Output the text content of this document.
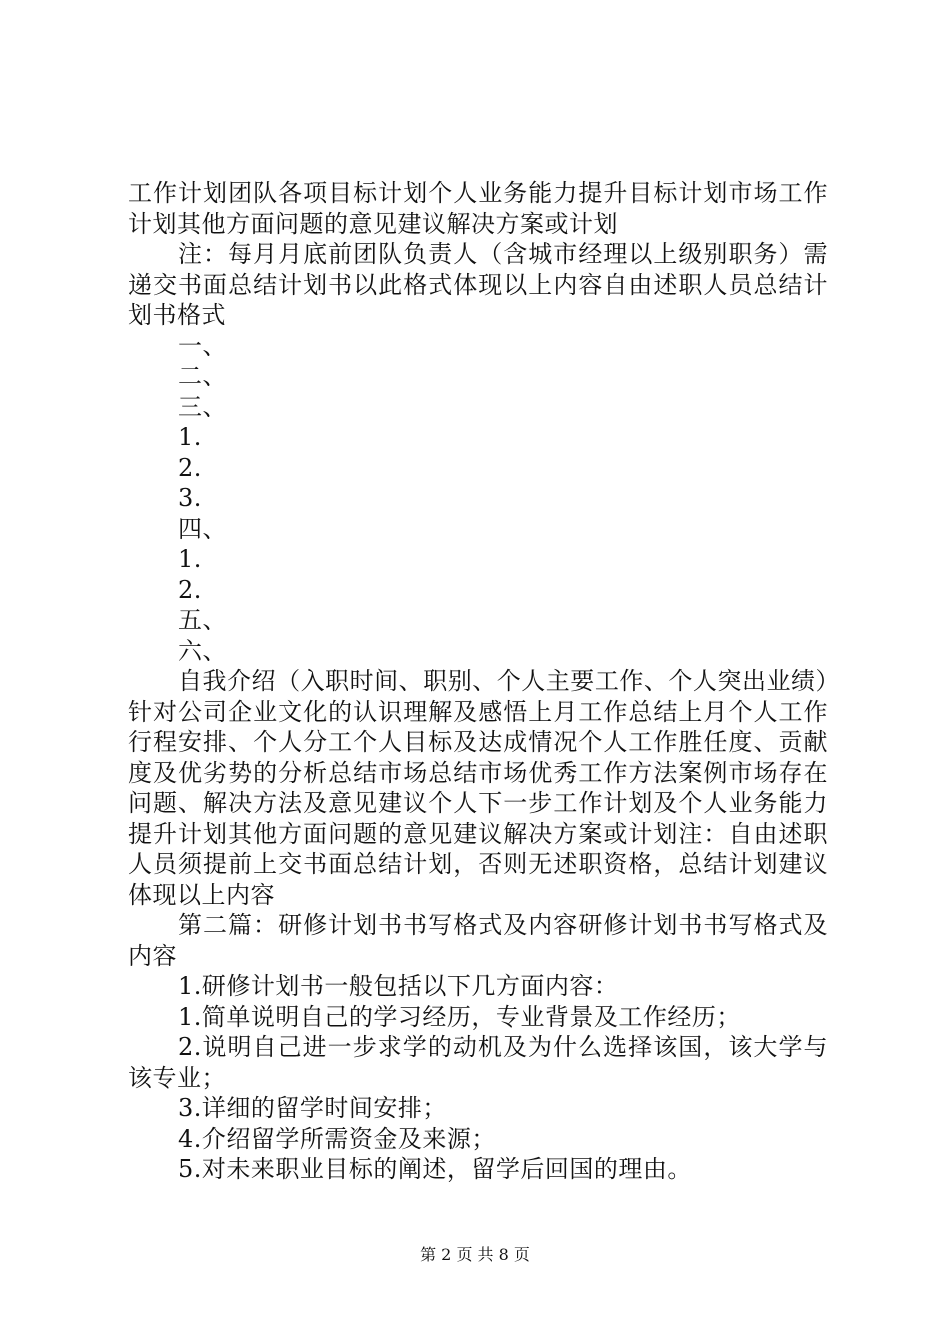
工作计划团队各项目标计划个人业务能力提升目标计划市场工作计划其他方面问题的意见建议解决方案或计划

注：每月月底前团队负责人（含城市经理以上级别职务）需递交书面总结计划书以此格式体现以上内容自由述职人员总结计划书格式

一、

二、

三、

1.

2.

3.

四、

1.

2.

五、

六、

自我介绍（入职时间、职别、个人主要工作、个人突出业绩）针对公司企业文化的认识理解及感悟上月工作总结上月个人工作行程安排、个人分工个人目标及达成情况个人工作胜任度、贡献度及优劣势的分析总结市场总结市场优秀工作方法案例市场存在问题、解决方法及意见建议个人下一步工作计划及个人业务能力提升计划其他方面问题的意见建议解决方案或计划注：自由述职人员须提前上交书面总结计划，否则无述职资格，总结计划建议体现以上内容

第二篇：研修计划书书写格式及内容研修计划书书写格式及内容

1.研修计划书一般包括以下几方面内容：

1.简单说明自己的学习经历，专业背景及工作经历；

2.说明自己进一步求学的动机及为什么选择该国，该大学与该专业；

3.详细的留学时间安排；

4.介绍留学所需资金及来源；

5.对未来职业目标的阐述，留学后回国的理由。

第 2 页 共 8 页
